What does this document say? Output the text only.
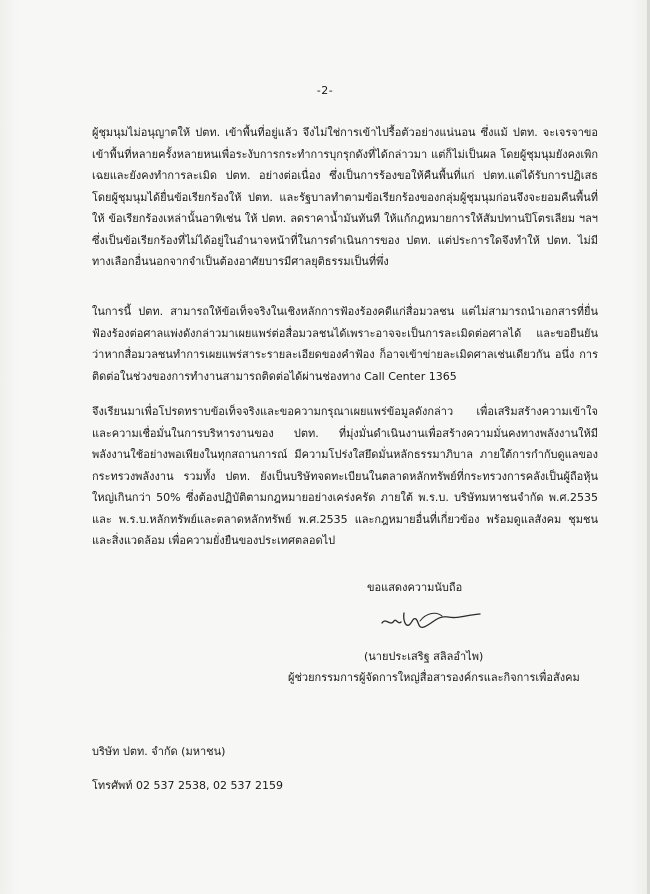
-2-

ผู้ชุมนุมไม่อนุญาตให้ ปตท. เข้าพื้นที่อยู่แล้ว จึงไม่ใช่การเข้าไปรื้อตัวอย่างแน่นอน ซึ่งแม้ ปตท. จะเจรจาขอเข้าพื้นที่หลายครั้งหลายหนเพื่อระงับการกระทำการบุกรุกดังที่ได้กล่าวมา แต่ก็ไม่เป็นผล โดยผู้ชุมนุมยังคงเพิกเฉยและยังคงทำการละเมิด ปตท. อย่างต่อเนื่อง ซึ่งเป็นการร้องขอให้คืนพื้นที่แก่ ปตท.แต่ได้รับการปฏิเสธ โดยผู้ชุมนุมได้ยื่นข้อเรียกร้องให้ ปตท. และรัฐบาลทำตามข้อเรียกร้องของกลุ่มผู้ชุมนุมก่อนจึงจะยอมคืนพื้นที่ให้ ข้อเรียกร้องเหล่านั้นอาทิเช่น ให้ ปตท. ลดราคาน้ำมันทันที ให้แก้กฎหมายการให้สัมปทานปิโตรเลียม ฯลฯ ซึ่งเป็นข้อเรียกร้องที่ไม่ได้อยู่ในอำนาจหน้าที่ในการดำเนินการของ ปตท. แต่ประการใดจึงทำให้ ปตท. ไม่มีทางเลือกอื่นนอกจากจำเป็นต้องอาศัยบารมีศาลยุติธรรมเป็นที่พึ่ง

ในการนี้ ปตท. สามารถให้ข้อเท็จจริงในเชิงหลักการฟ้องร้องคดีแก่สื่อมวลชน แต่ไม่สามารถนำเอกสารที่ยื่นฟ้องร้องต่อศาลแพ่งดังกล่าวมาเผยแพร่ต่อสื่อมวลชนได้เพราะอาจจะเป็นการละเมิดต่อศาลได้ และขอยืนยันว่าหากสื่อมวลชนทำการเผยแพร่สาระรายละเอียดของคำฟ้อง ก็อาจเข้าข่ายละเมิดศาลเช่นเดียวกัน อนึ่ง การติดต่อในช่วงของการทำงานสามารถติดต่อได้ผ่านช่องทาง Call Center 1365

จึงเรียนมาเพื่อโปรดทราบข้อเท็จจริงและขอความกรุณาเผยแพร่ข้อมูลดังกล่าว เพื่อเสริมสร้างความเข้าใจและความเชื่อมั่นในการบริหารงานของ ปตท. ที่มุ่งมั่นดำเนินงานเพื่อสร้างความมั่นคงทางพลังงานให้มีพลังงานใช้อย่างพอเพียงในทุกสถานการณ์ มีความโปร่งใสยึดมั่นหลักธรรมาภิบาล ภายใต้การกำกับดูแลของกระทรวงพลังงาน รวมทั้ง ปตท. ยังเป็นบริษัทจดทะเบียนในตลาดหลักทรัพย์ที่กระทรวงการคลังเป็นผู้ถือหุ้นใหญ่เกินกว่า 50% ซึ่งต้องปฏิบัติตามกฎหมายอย่างเคร่งครัด ภายใต้ พ.ร.บ. บริษัทมหาชนจำกัด พ.ศ.2535 และ พ.ร.บ.หลักทรัพย์และตลาดหลักทรัพย์ พ.ศ.2535 และกฎหมายอื่นที่เกี่ยวข้อง พร้อมดูแลสังคม ชุมชน และสิ่งแวดล้อม เพื่อความยั่งยืนของประเทศตลอดไป

ขอแสดงความนับถือ
(นายประเสริฐ สลิลอำไพ)
ผู้ช่วยกรรมการผู้จัดการใหญ่สื่อสารองค์กรและกิจการเพื่อสังคม
บริษัท ปตท. จำกัด (มหาชน)
โทรศัพท์ 02 537 2538, 02 537 2159
